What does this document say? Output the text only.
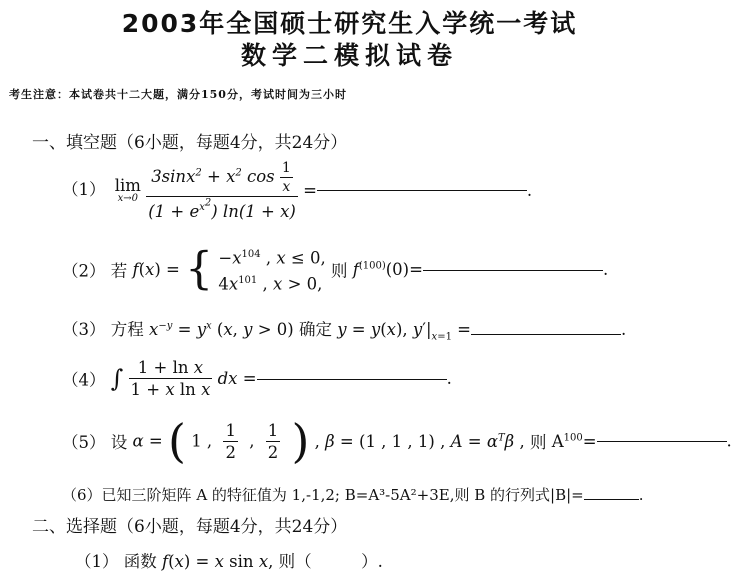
2003年全国硕士研究生入学统一考试
数学二模拟试卷
考生注意：本试卷共十二大题，满分150分，考试时间为三小时
一、填空题（6小题，每题4分，共24分）
（1） lim
x→0
$\frac{3\sin x^2 + x^2 \cos \frac{1}{x}}{(1 + e^{x^2}) \ln(1 + x)}$ =	.
（2） 若 f(x) = { $-x^{104}$ , x ≤ 0,
$4x^{101}$ , x > 0,
则 $f^{(100)}(0)=$	.
（3） 方程 $x^{-y} = y^x$ (x, y > 0) 确定 y = y(x), $y'|_{x=1}$ =	.
（4） ∫ $\frac{\text{1 + ln x}}{\text{1 + x ln x}}$ dx =	.
（5） 设 α = ( 1 , $\frac{1}{2}$ , $\frac{1}{2}$ ) , β = (1 , 1 , 1) , $A = \alpha^T\beta$ , 则 $A^{100}=$	.
（6）已知三阶矩阵 A 的特征值为 1,-1,2; B=A³-5A²+3E,则 B 的行列式|B|=	.
二、选择题（6小题，每题4分，共24分）
（1） 函数 f(x) = x sin x, 则（　　　）.
